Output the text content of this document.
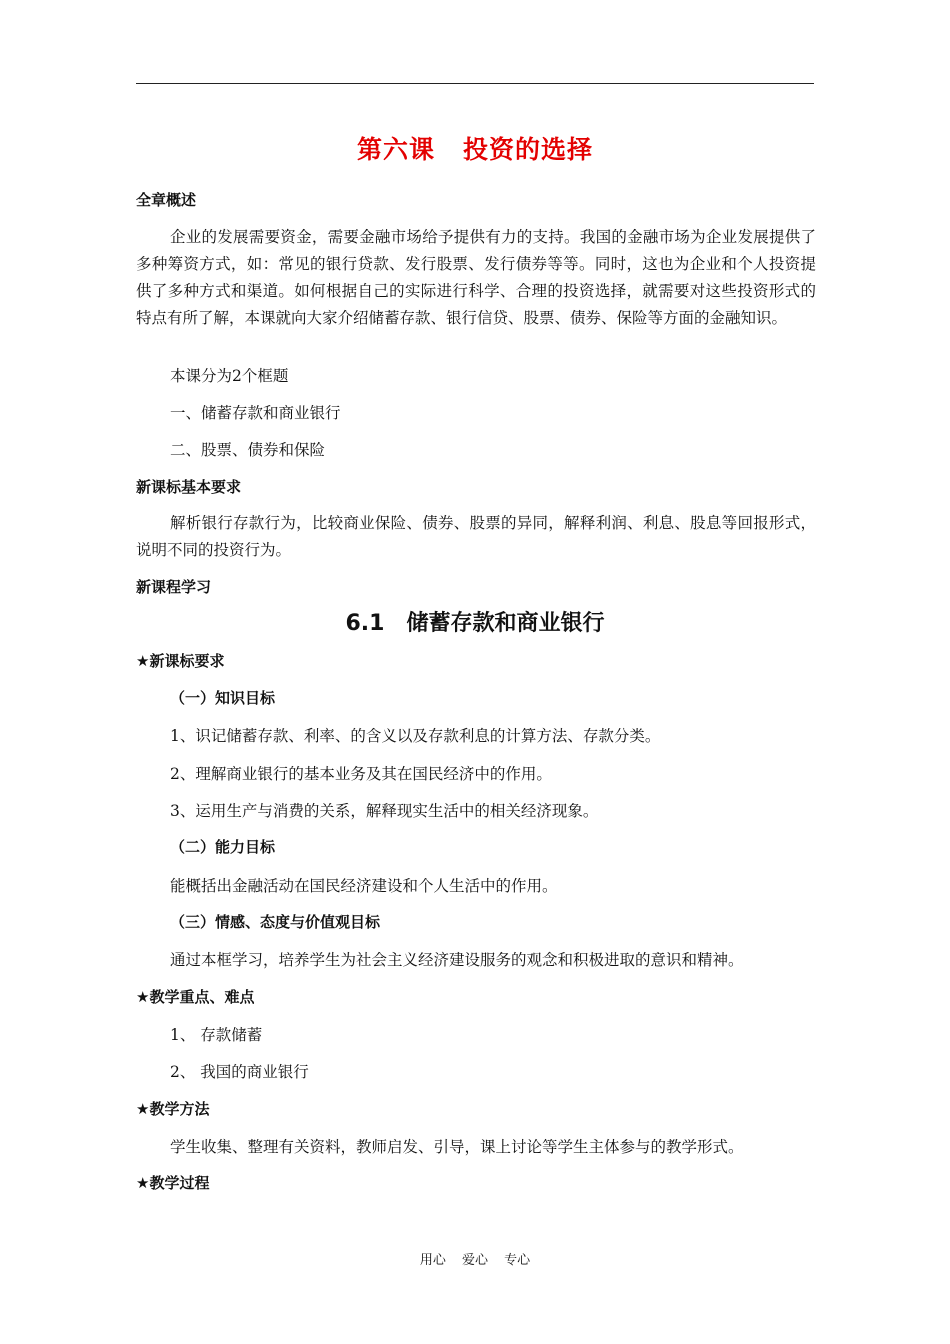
第六课 投资的选择
全章概述
企业的发展需要资金，需要金融市场给予提供有力的支持。我国的金融市场为企业发展提供了多种筹资方式，如：常见的银行贷款、发行股票、发行债券等等。同时，这也为企业和个人投资提供了多种方式和渠道。如何根据自己的实际进行科学、合理的投资选择，就需要对这些投资形式的特点有所了解，本课就向大家介绍储蓄存款、银行信贷、股票、债券、保险等方面的金融知识。
本课分为2个框题
一、储蓄存款和商业银行
二、股票、债券和保险
新课标基本要求
解析银行存款行为，比较商业保险、债券、股票的异同，解释利润、利息、股息等回报形式，说明不同的投资行为。
新课程学习
6.1 储蓄存款和商业银行
★新课标要求
（一）知识目标
1、识记储蓄存款、利率、的含义以及存款利息的计算方法、存款分类。
2、理解商业银行的基本业务及其在国民经济中的作用。
3、运用生产与消费的关系，解释现实生活中的相关经济现象。
（二）能力目标
能概括出金融活动在国民经济建设和个人生活中的作用。
（三）情感、态度与价值观目标
通过本框学习，培养学生为社会主义经济建设服务的观念和积极进取的意识和精神。
★教学重点、难点
1、 存款储蓄
2、 我国的商业银行
★教学方法
学生收集、整理有关资料，教师启发、引导，课上讨论等学生主体参与的教学形式。
★教学过程
用心 爱心 专心
